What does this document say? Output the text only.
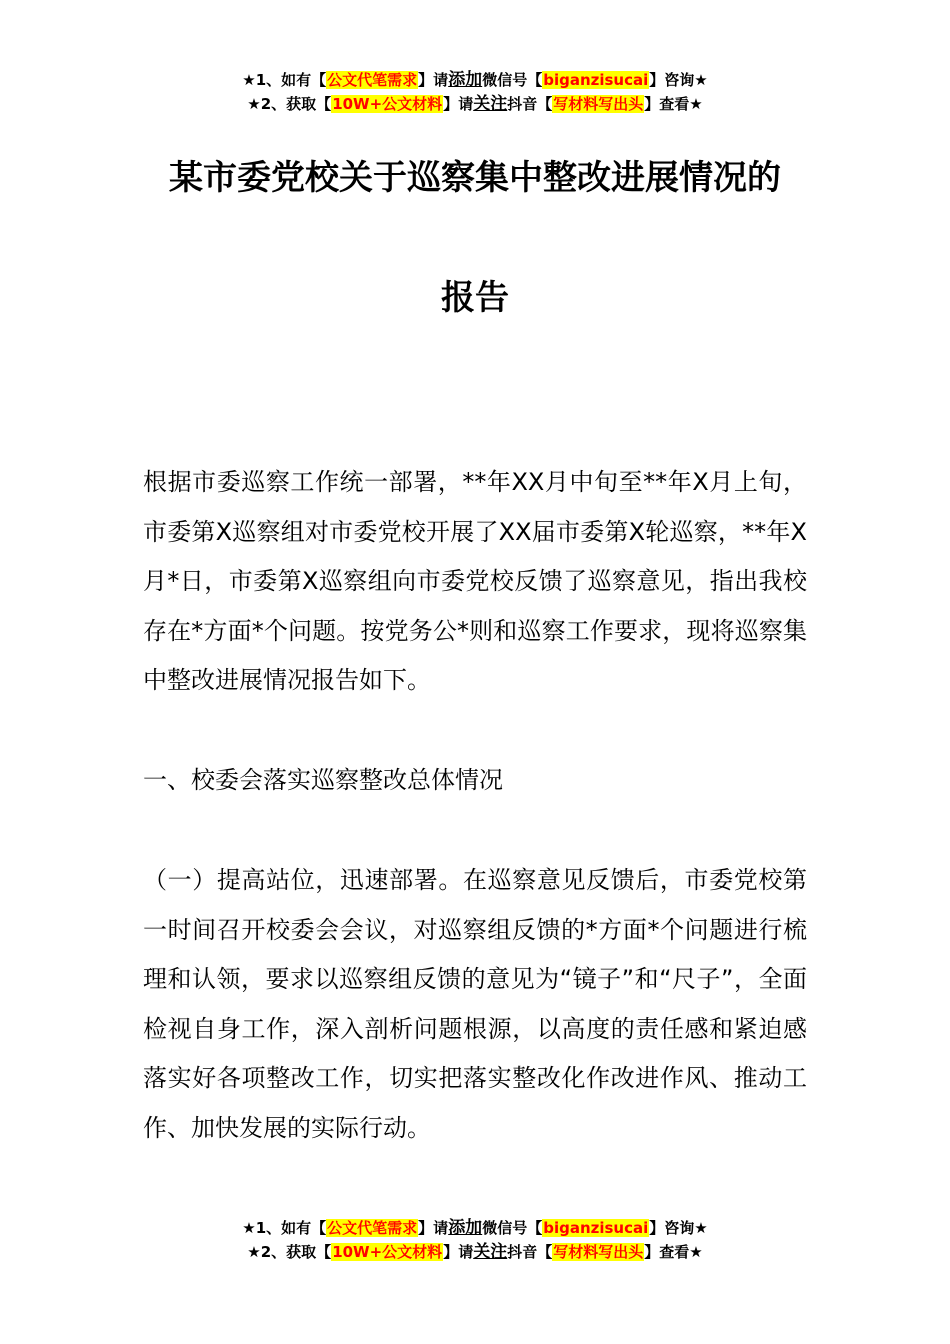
★1、如有【公文代笔需求】请添加微信号【biganzisucai】咨询★
★2、获取【10W+公文材料】请关注抖音【写材料写出头】查看★
某市委党校关于巡察集中整改进展情况的
报告
根据市委巡察工作统一部署，**年XX月中旬至**年X月上旬，市委第X巡察组对市委党校开展了XX届市委第X轮巡察，**年X月*日，市委第X巡察组向市委党校反馈了巡察意见，指出我校存在*方面*个问题。按党务公*则和巡察工作要求，现将巡察集中整改进展情况报告如下。
一、校委会落实巡察整改总体情况
（一）提高站位，迅速部署。在巡察意见反馈后，市委党校第一时间召开校委会会议，对巡察组反馈的*方面*个问题进行梳理和认领，要求以巡察组反馈的意见为“镜子”和“尺子”，全面检视自身工作，深入剖析问题根源，以高度的责任感和紧迫感落实好各项整改工作，切实把落实整改化作改进作风、推动工作、加快发展的实际行动。
★1、如有【公文代笔需求】请添加微信号【biganzisucai】咨询★
★2、获取【10W+公文材料】请关注抖音【写材料写出头】查看★
